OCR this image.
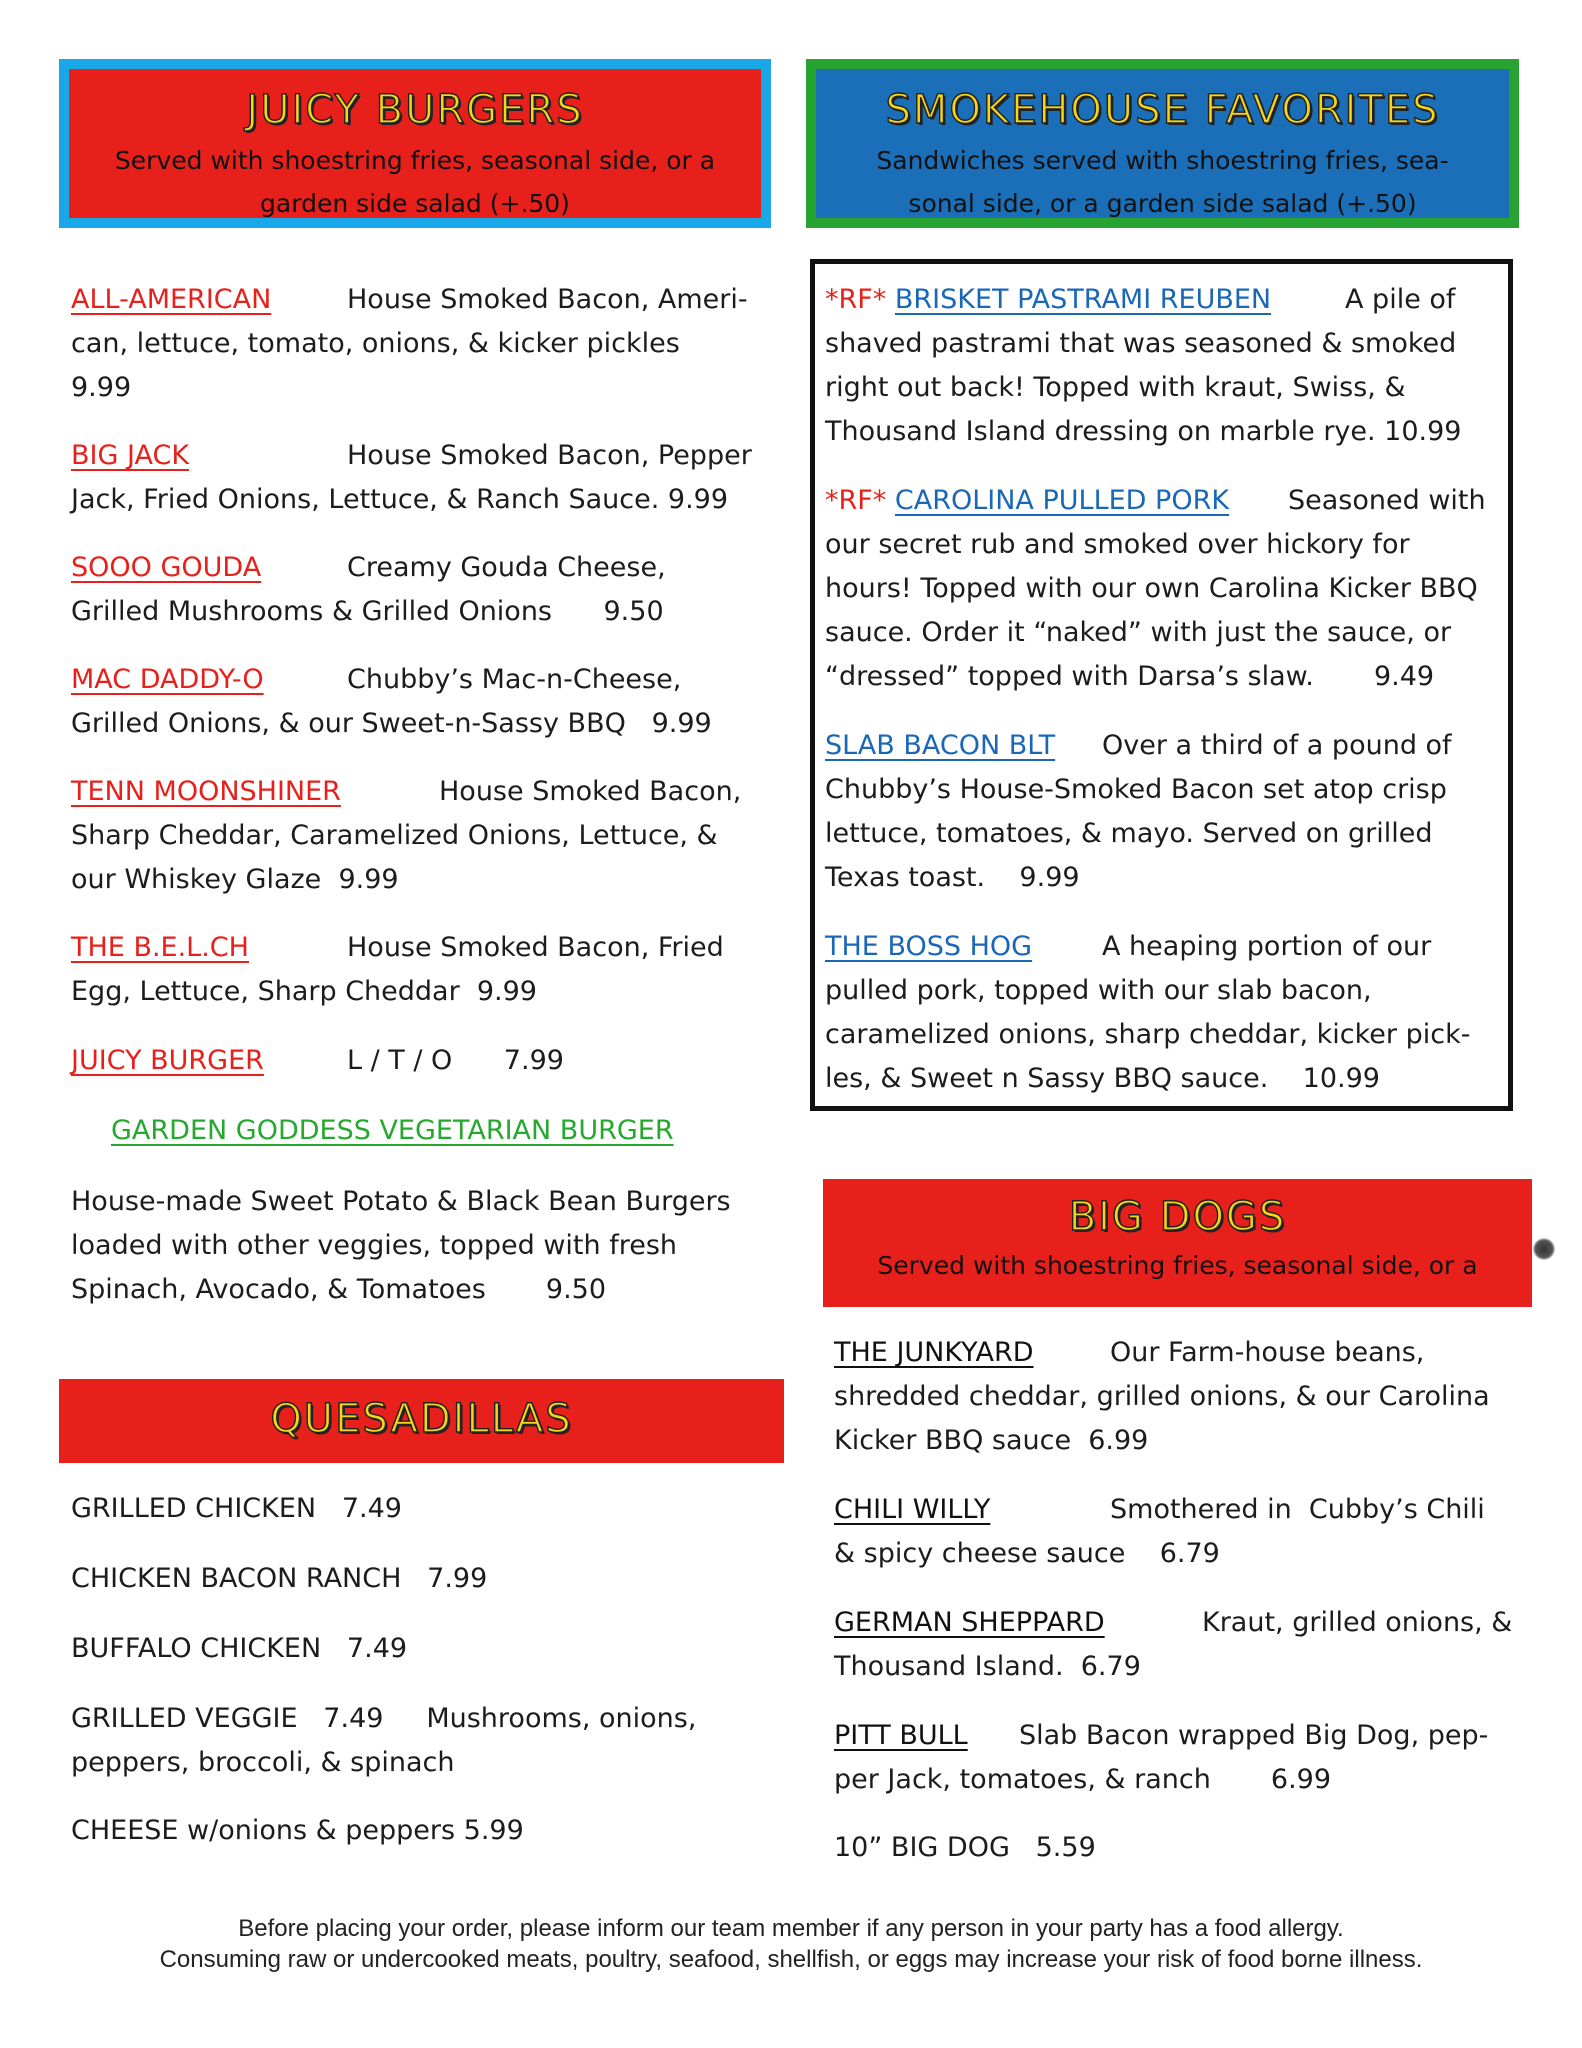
JUICY BURGERS
Served with shoestring fries, seasonal side, or a
garden side salad (+.50)
SMOKEHOUSE FAVORITES
Sandwiches served with shoestring fries, sea-
sonal side, or a garden side salad (+.50)
ALL-AMERICAN	House Smoked Bacon, Ameri-
can, lettuce, tomato, onions, & kicker pickles
9.99
BIG JACK	House Smoked Bacon, Pepper
Jack, Fried Onions, Lettuce, & Ranch Sauce. 9.99
SOOO GOUDA	Creamy Gouda Cheese,
Grilled Mushrooms & Grilled Onions      9.50
MAC DADDY-O	Chubby’s Mac-n-Cheese,
Grilled Onions, & our Sweet-n-Sassy BBQ   9.99
TENN MOONSHINER	House Smoked Bacon,
Sharp Cheddar, Caramelized Onions, Lettuce, &
our Whiskey Glaze  9.99
THE B.E.L.CH	House Smoked Bacon, Fried
Egg, Lettuce, Sharp Cheddar  9.99
JUICY BURGER	L / T / O      7.99
GARDEN GODDESS VEGETARIAN BURGER
House-made Sweet Potato & Black Bean Burgers
loaded with other veggies, topped with fresh
Spinach, Avocado, & Tomatoes       9.50
QUESADILLAS
GRILLED CHICKEN   7.49
CHICKEN BACON RANCH   7.99
BUFFALO CHICKEN   7.49
GRILLED VEGGIE   7.49     Mushrooms, onions,
peppers, broccoli, & spinach
CHEESE w/onions & peppers 5.99
*RF* BRISKET PASTRAMI REUBEN	A pile of
shaved pastrami that was seasoned & smoked
right out back! Topped with kraut, Swiss, &
Thousand Island dressing on marble rye. 10.99
*RF* CAROLINA PULLED PORK	Seasoned with
our secret rub and smoked over hickory for
hours! Topped with our own Carolina Kicker BBQ
sauce. Order it “naked” with just the sauce, or
“dressed” topped with Darsa’s slaw.       9.49
SLAB BACON BLT	Over a third of a pound of
Chubby’s House-Smoked Bacon set atop crisp
lettuce, tomatoes, & mayo. Served on grilled
Texas toast.    9.99
THE BOSS HOG	A heaping portion of our
pulled pork, topped with our slab bacon,
caramelized onions, sharp cheddar, kicker pick-
les, & Sweet n Sassy BBQ sauce.    10.99
BIG DOGS
Served with shoestring fries, seasonal side, or a
THE JUNKYARD	Our Farm-house beans,
shredded cheddar, grilled onions, & our Carolina
Kicker BBQ sauce  6.99
CHILI WILLY	Smothered in  Cubby’s Chili
& spicy cheese sauce    6.79
GERMAN SHEPPARD	Kraut, grilled onions, &
Thousand Island.  6.79
PITT BULL	Slab Bacon wrapped Big Dog, pep-
per Jack, tomatoes, & ranch       6.99
10” BIG DOG   5.59
Before placing your order, please inform our team member if any person in your party has a food allergy.
Consuming raw or undercooked meats, poultry, seafood, shellfish, or eggs may increase your risk of food borne illness.
